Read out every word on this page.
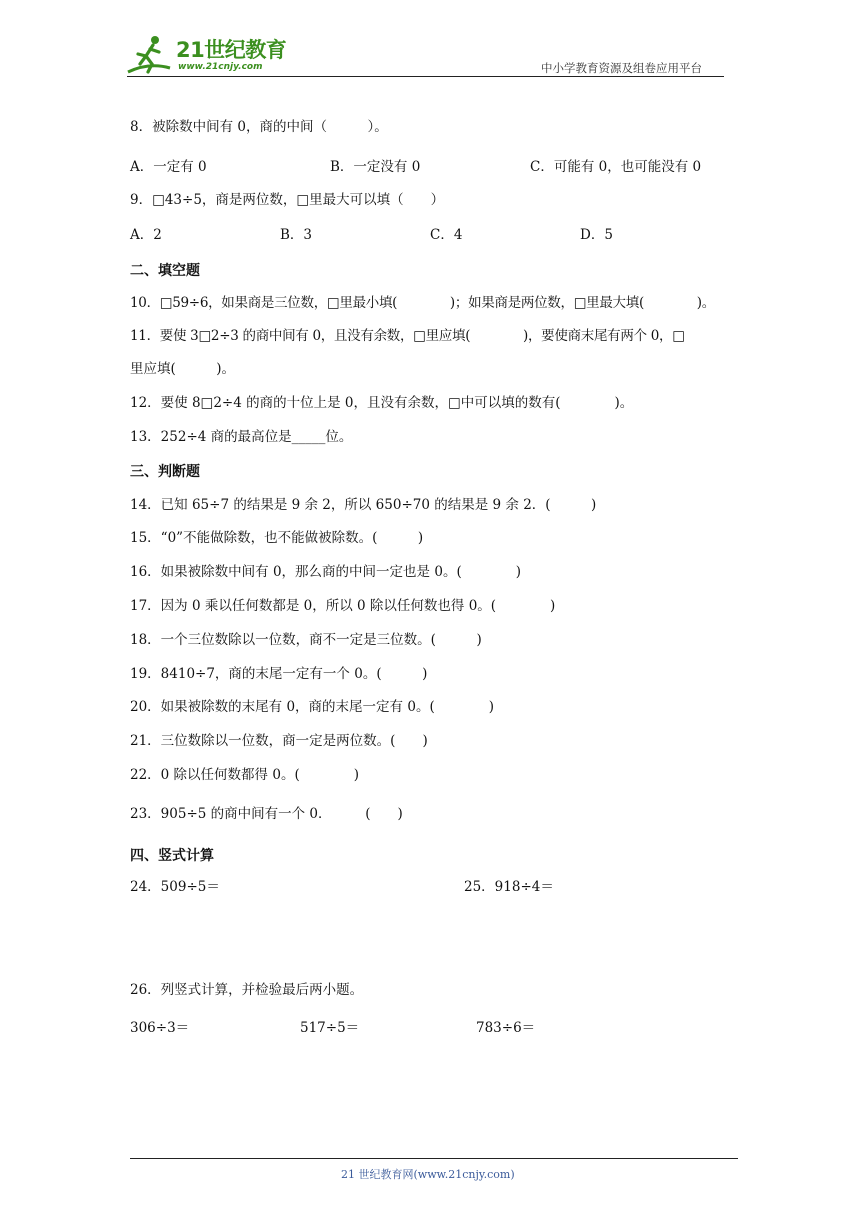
21世纪教育
www.21cnjy.com	中小学教育资源及组卷应用平台
8．被除数中间有 0，商的中间（　　　）。
A．一定有 0	B．一定没有 0	C．可能有 0，也可能没有 0
9．□43÷5，商是两位数，□里最大可以填（　　）
A．2	B．3	C．4	D．5
二、填空题
10．□59÷6，如果商是三位数，□里最小填(　　　　)；如果商是两位数，□里最大填(　　　　)。
11．要使 3□2÷3 的商中间有 0，且没有余数，□里应填(　　　　)，要使商末尾有两个 0，□
里应填(　　　)。
12．要使 8□2÷4 的商的十位上是 0，且没有余数，□中可以填的数有(　　　　)。
13．252÷4 商的最高位是_____位。
三、判断题
14．已知 65÷7 的结果是 9 余 2，所以 650÷70 的结果是 9 余 2．(　　　)
15．“0”不能做除数，也不能做被除数。(　　　)
16．如果被除数中间有 0，那么商的中间一定也是 0。(　　　　)
17．因为 0 乘以任何数都是 0，所以 0 除以任何数也得 0。(　　　　)
18．一个三位数除以一位数，商不一定是三位数。(　　　)
19．8410÷7，商的末尾一定有一个 0。(　　　)
20．如果被除数的末尾有 0，商的末尾一定有 0。(　　　　)
21．三位数除以一位数，商一定是两位数。(　　)
22．0 除以任何数都得 0。(　　　　)
23．905÷5 的商中间有一个 0．　　　(　　)
四、竖式计算
24．509÷5＝	25．918÷4＝
26．列竖式计算，并检验最后两小题。
306÷3＝	517÷5＝	783÷6＝
21 世纪教育网(www.21cnjy.com)
